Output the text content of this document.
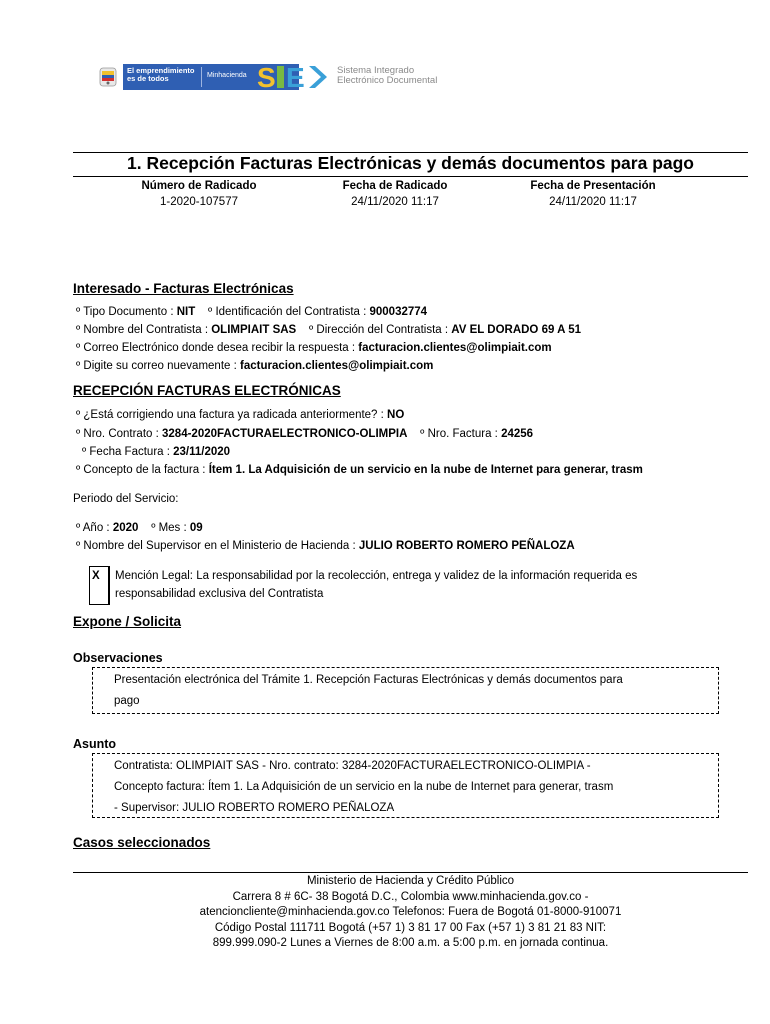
El emprendimiento es de todos	Minhacienda S E	Sistema Integrado
Electrónico Documental
1. Recepción Facturas Electrónicas y demás documentos para pago
Número de Radicado
1-2020-107577
Fecha de Radicado
24/11/2020 11:17
Fecha de Presentación
24/11/2020 11:17
Interesado - Facturas Electrónicas
º Tipo Documento : NIT º Identificación del Contratista : 900032774
º Nombre del Contratista : OLIMPIAIT SAS º Dirección del Contratista : AV EL DORADO 69 A 51
º Correo Electrónico donde desea recibir la respuesta : facturacion.clientes@olimpiait.com
º Digite su correo nuevamente : facturacion.clientes@olimpiait.com
RECEPCIÓN FACTURAS ELECTRÓNICAS
º ¿Está corrigiendo una factura ya radicada anteriormente? : NO
º Nro. Contrato : 3284-2020FACTURAELECTRONICO-OLIMPIA º Nro. Factura : 24256
º Fecha Factura : 23/11/2020
º Concepto de la factura : Ítem 1. La Adquisición de un servicio en la nube de Internet para generar, trasm
Periodo del Servicio:
º Año : 2020 º Mes : 09
º Nombre del Supervisor en el Ministerio de Hacienda : JULIO ROBERTO ROMERO PEÑALOZA
X Mención Legal: La responsabilidad por la recolección, entrega y validez de la información requerida es responsabilidad exclusiva del Contratista
Expone / Solicita
Observaciones
Presentación electrónica del Trámite 1. Recepción Facturas Electrónicas y demás documentos para
pago
Asunto
Contratista: OLIMPIAIT SAS - Nro. contrato: 3284-2020FACTURAELECTRONICO-OLIMPIA -
Concepto factura: Ítem 1. La Adquisición de un servicio en la nube de Internet para generar, trasm
- Supervisor: JULIO ROBERTO ROMERO PEÑALOZA
Casos seleccionados
Ministerio de Hacienda y Crédito Público
Carrera 8 # 6C- 38 Bogotá D.C., Colombia www.minhacienda.gov.co -
atencioncliente@minhacienda.gov.co Telefonos: Fuera de Bogotá 01-8000-910071
Código Postal 111711 Bogotá (+57 1) 3 81 17 00 Fax (+57 1) 3 81 21 83 NIT:
899.999.090-2 Lunes a Viernes de 8:00 a.m. a 5:00 p.m. en jornada continua.
